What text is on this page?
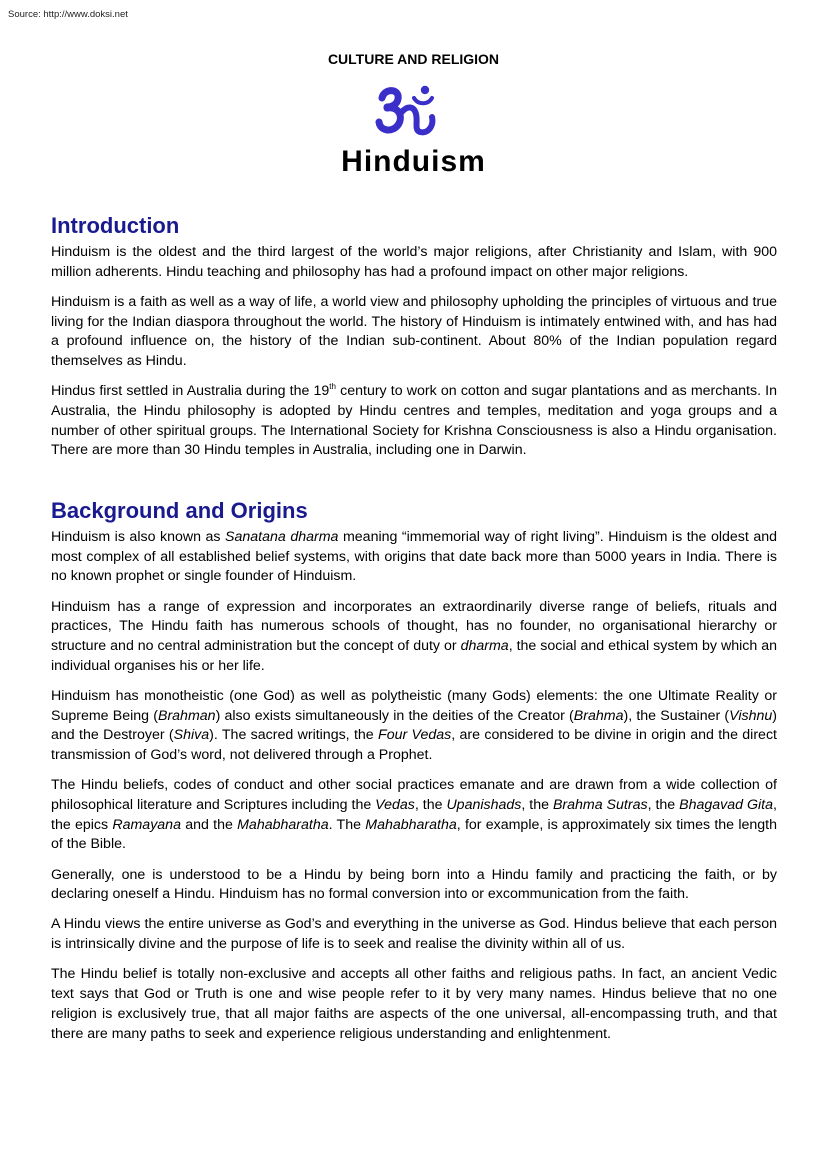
Source: http://www.doksi.net
CULTURE AND RELIGION
Hinduism
Introduction

Hinduism is the oldest and the third largest of the world’s major religions, after Christianity and Islam, with 900 million adherents. Hindu teaching and philosophy has had a profound impact on other major religions.

Hinduism is a faith as well as a way of life, a world view and philosophy upholding the principles of virtuous and true living for the Indian diaspora throughout the world. The history of Hinduism is intimately entwined with, and has had a profound influence on, the history of the Indian sub-continent. About 80% of the Indian population regard themselves as Hindu.

Hindus first settled in Australia during the 19th century to work on cotton and sugar plantations and as merchants. In Australia, the Hindu philosophy is adopted by Hindu centres and temples, meditation and yoga groups and a number of other spiritual groups. The International Society for Krishna Consciousness is also a Hindu organisation. There are more than 30 Hindu temples in Australia, including one in Darwin.

Background and Origins

Hinduism is also known as Sanatana dharma meaning “immemorial way of right living”. Hinduism is the oldest and most complex of all established belief systems, with origins that date back more than 5000 years in India. There is no known prophet or single founder of Hinduism.

Hinduism has a range of expression and incorporates an extraordinarily diverse range of beliefs, rituals and practices, The Hindu faith has numerous schools of thought, has no founder, no organisational hierarchy or structure and no central administration but the concept of duty or dharma, the social and ethical system by which an individual organises his or her life.

Hinduism has monotheistic (one God) as well as polytheistic (many Gods) elements: the one Ultimate Reality or Supreme Being (Brahman) also exists simultaneously in the deities of the Creator (Brahma), the Sustainer (Vishnu) and the Destroyer (Shiva). The sacred writings, the Four Vedas, are considered to be divine in origin and the direct transmission of God’s word, not delivered through a Prophet.

The Hindu beliefs, codes of conduct and other social practices emanate and are drawn from a wide collection of philosophical literature and Scriptures including the Vedas, the Upanishads, the Brahma Sutras, the Bhagavad Gita, the epics Ramayana and the Mahabharatha. The Mahabharatha, for example, is approximately six times the length of the Bible.

Generally, one is understood to be a Hindu by being born into a Hindu family and practicing the faith, or by declaring oneself a Hindu. Hinduism has no formal conversion into or excommunication from the faith.

A Hindu views the entire universe as God’s and everything in the universe as God. Hindus believe that each person is intrinsically divine and the purpose of life is to seek and realise the divinity within all of us.

The Hindu belief is totally non-exclusive and accepts all other faiths and religious paths. In fact, an ancient Vedic text says that God or Truth is one and wise people refer to it by very many names. Hindus believe that no one religion is exclusively true, that all major faiths are aspects of the one universal, all-encompassing truth, and that there are many paths to seek and experience religious understanding and enlightenment.
